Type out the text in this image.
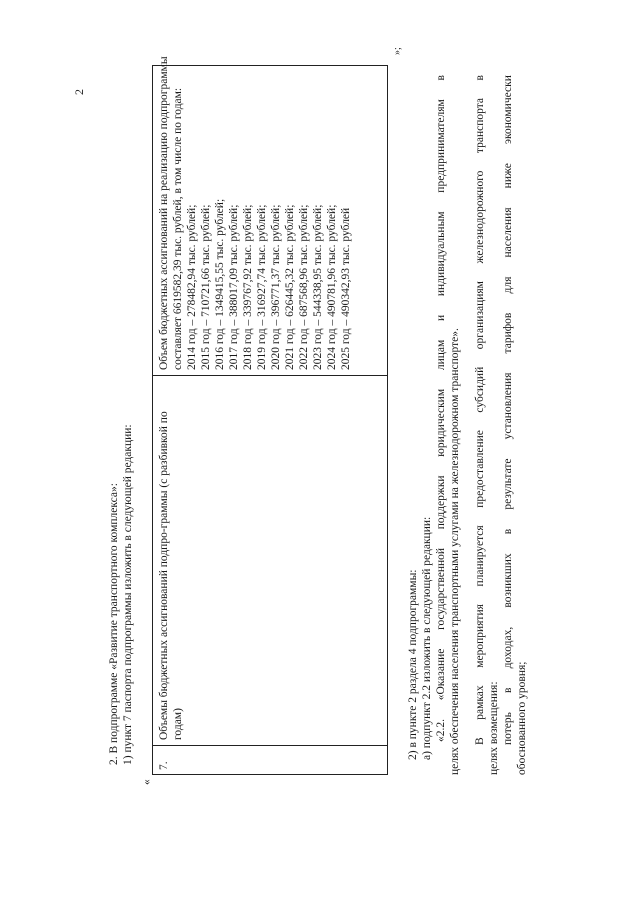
2
2. В подпрограмме «Развитие транспортного комплекса»: 1) пункт 7 паспорта подпрограммы изложить в следующей редакции:
«
7.
Объемы бюджетных ассигнований подпро-граммы (с разбивкой по годам)
Объем бюджетных ассигнований на реализацию подпрограммы составляет 6619582,39 тыс. рублей, в том числе по годам: 2014 год – 278482,94 тыс. рублей; 2015 год – 710721,66 тыс. рублей; 2016 год – 1349415,55 тыс. рублей; 2017 год – 388017,09 тыс. рублей; 2018 год – 339767,92 тыс. рублей; 2019 год – 316927,74 тыс. рублей; 2020 год – 396771,37 тыс. рублей; 2021 год – 626445,32 тыс. рублей; 2022 год – 687568,96 тыс. рублей; 2023 год – 544338,95 тыс. рублей; 2024 год – 490781,96 тыс. рублей; 2025 год – 490342,93 тыс. рублей
»;
2) в пункте 2 раздела 4 подпрограммы: а) подпункт 2.2 изложить в следующей редакции: «2.2.
«Оказание
государственной
поддержки
юридическим
лицам
и
индивидуальным
предпринимателям
в
целях обеспечения населения транспортными услугами на железнодорожном транспорте». В
рамках
мероприятия
планируется
предоставление
субсидий
организациям
железнодорожного
транспорта
в
целях возмещения: потерь
в
доходах,
возникших
в
результате
установления
тарифов
для
населения
ниже
экономически
обоснованного уровня;
